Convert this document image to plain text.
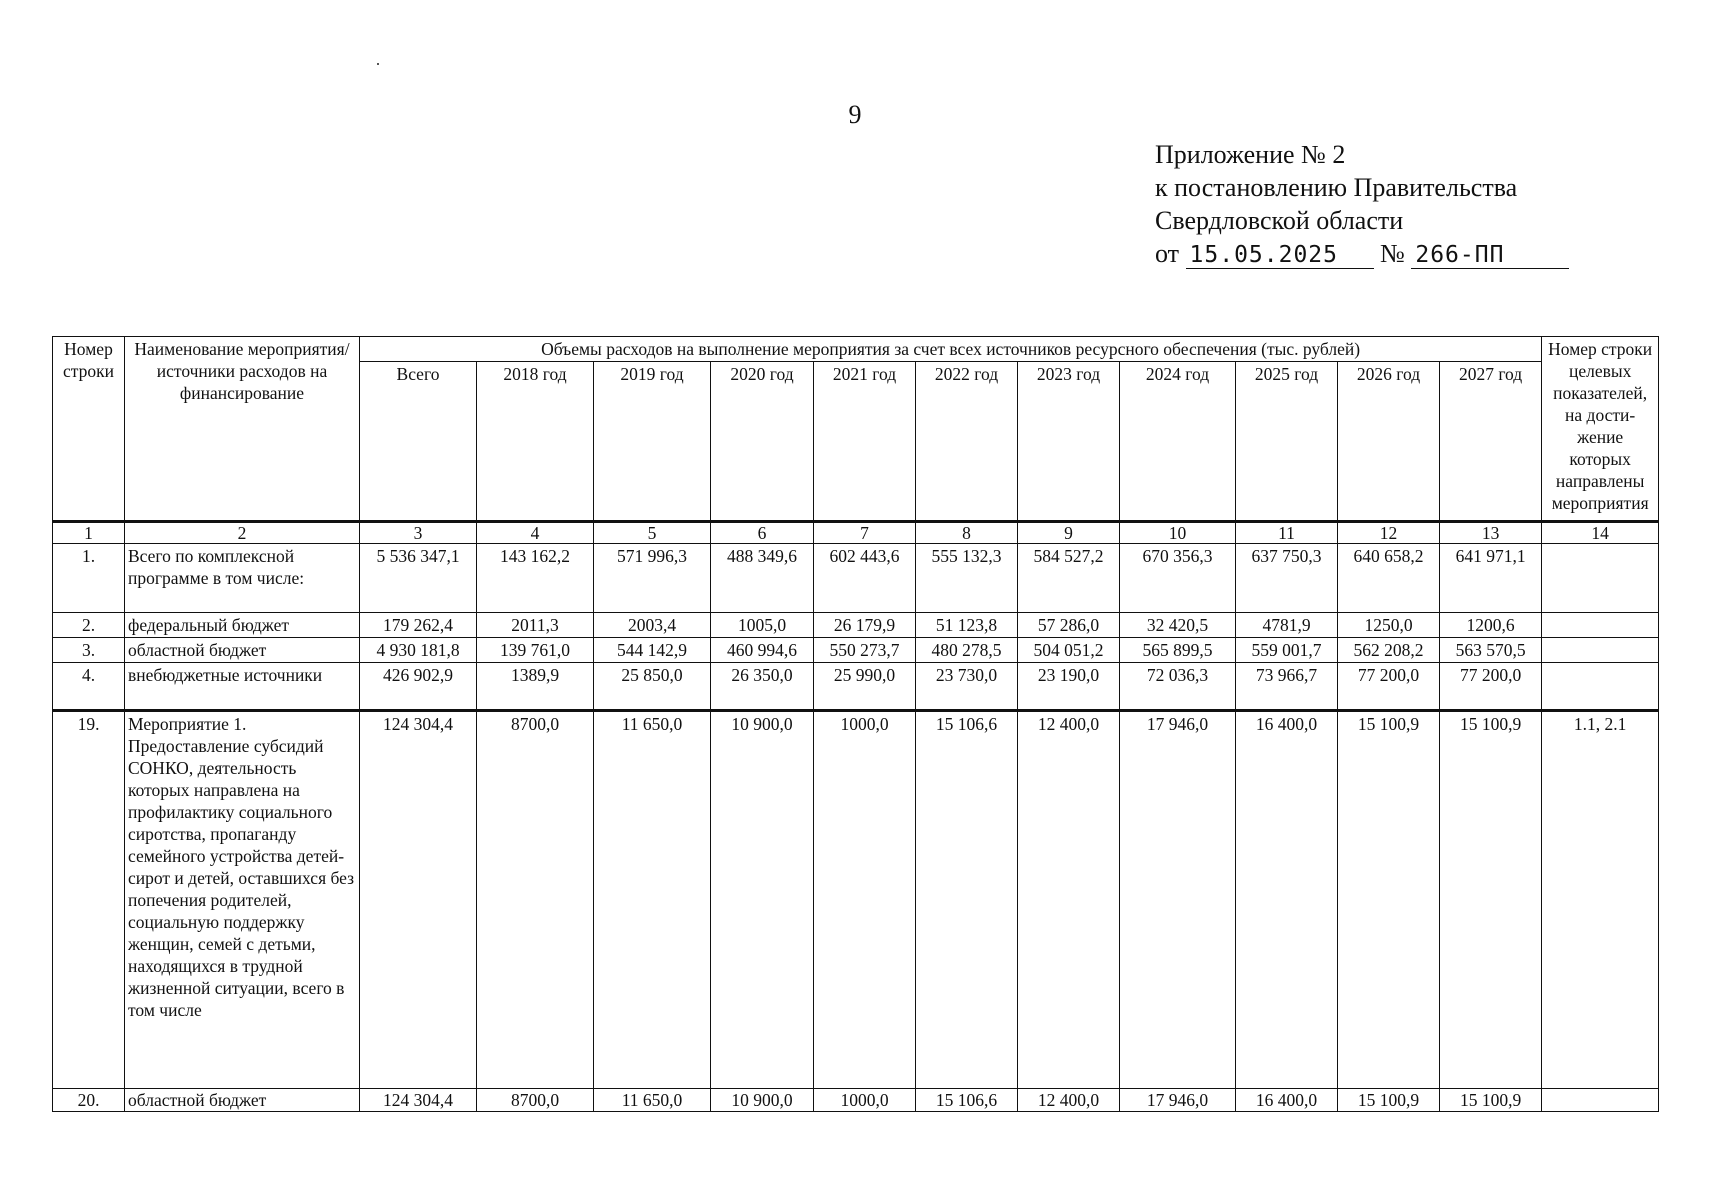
9
Приложение № 2
к постановлению Правительства
Свердловской области
от 15.05.2025 № 266-ПП
Номер строки	Наименование мероприятия/ источники расходов на финансирование	Объемы расходов на выполнение мероприятия за счет всех источников ресурсного обеспечения (тыс. рублей)											Номер строки целевых показателей, на дости-жение которых направлены мероприятия
		Всего	2018 год	2019 год	2020 год	2021 год	2022 год	2023 год	2024 год	2025 год	2026 год	2027 год	
1	2	3	4	5	6	7	8	9	10	11	12	13	14
1.	Всего по комплексной программе в том числе:	5 536 347,1	143 162,2	571 996,3	488 349,6	602 443,6	555 132,3	584 527,2	670 356,3	637 750,3	640 658,2	641 971,1	
2.	федеральный бюджет	179 262,4	2011,3	2003,4	1005,0	26 179,9	51 123,8	57 286,0	32 420,5	4781,9	1250,0	1200,6	
3.	областной бюджет	4 930 181,8	139 761,0	544 142,9	460 994,6	550 273,7	480 278,5	504 051,2	565 899,5	559 001,7	562 208,2	563 570,5	
4.	внебюджетные источники	426 902,9	1389,9	25 850,0	26 350,0	25 990,0	23 730,0	23 190,0	72 036,3	73 966,7	77 200,0	77 200,0	
19.	Мероприятие 1. Предоставление субсидий СОНКО, деятельность которых направлена на профилактику социального сиротства, пропаганду семейного устройства детей-сирот и детей, оставшихся без попечения родителей, социальную поддержку женщин, семей с детьми, находящихся в трудной жизненной ситуации, всего в том числе	124 304,4	8700,0	11 650,0	10 900,0	1000,0	15 106,6	12 400,0	17 946,0	16 400,0	15 100,9	15 100,9	1.1, 2.1
20.	областной бюджет	124 304,4	8700,0	11 650,0	10 900,0	1000,0	15 106,6	12 400,0	17 946,0	16 400,0	15 100,9	15 100,9	
